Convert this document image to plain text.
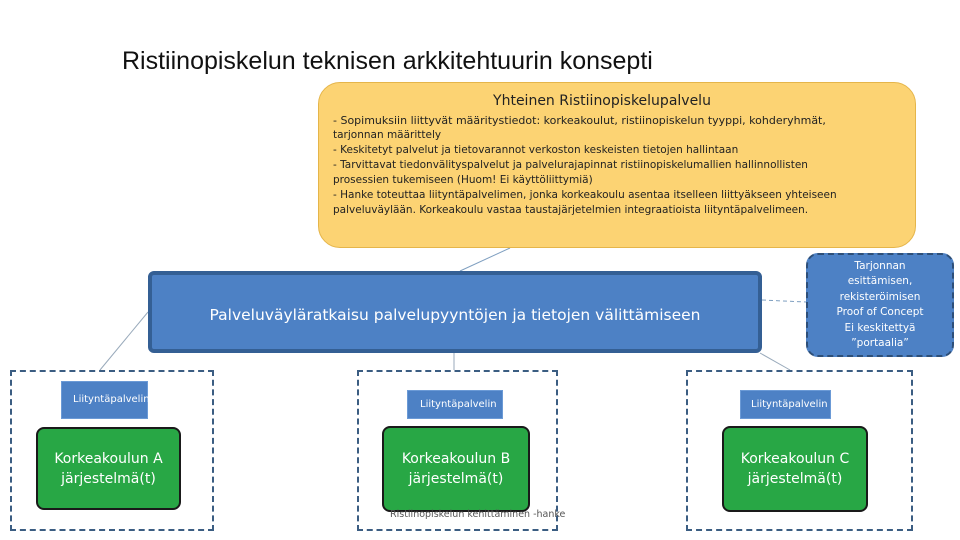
Ristiinopiskelun teknisen arkkitehtuurin konsepti
Yhteinen Ristiinopiskelupalvelu
- Sopimuksiin liittyvät määritystiedot: korkeakoulut, ristiinopiskelun tyyppi, kohderyhmät,
tarjonnan määrittely
- Keskitetyt palvelut ja tietovarannot verkoston keskeisten tietojen hallintaan
- Tarvittavat tiedonvälityspalvelut ja palvelurajapinnat ristiinopiskelumallien hallinnollisten
prosessien tukemiseen (Huom! Ei käyttöliittymiä)
- Hanke toteuttaa liityntäpalvelimen, jonka korkeakoulu asentaa itselleen liittyäkseen yhteiseen
palveluväylään. Korkeakoulu vastaa taustajärjetelmien integraatioista liityntäpalvelimeen.
Palveluväyläratkaisu palvelupyyntöjen ja tietojen välittämiseen
Tarjonnan
esittämisen,
rekisteröimisen
Proof of Concept
Ei keskitettyä
”portaalia”
Liityntäpalvelin
Korkeakoulun A
järjestelmä(t)
Liityntäpalvelin
Korkeakoulun B
järjestelmä(t)
Liityntäpalvelin
Korkeakoulun C
järjestelmä(t)
Ristiinopiskelun kehittäminen -hanke
